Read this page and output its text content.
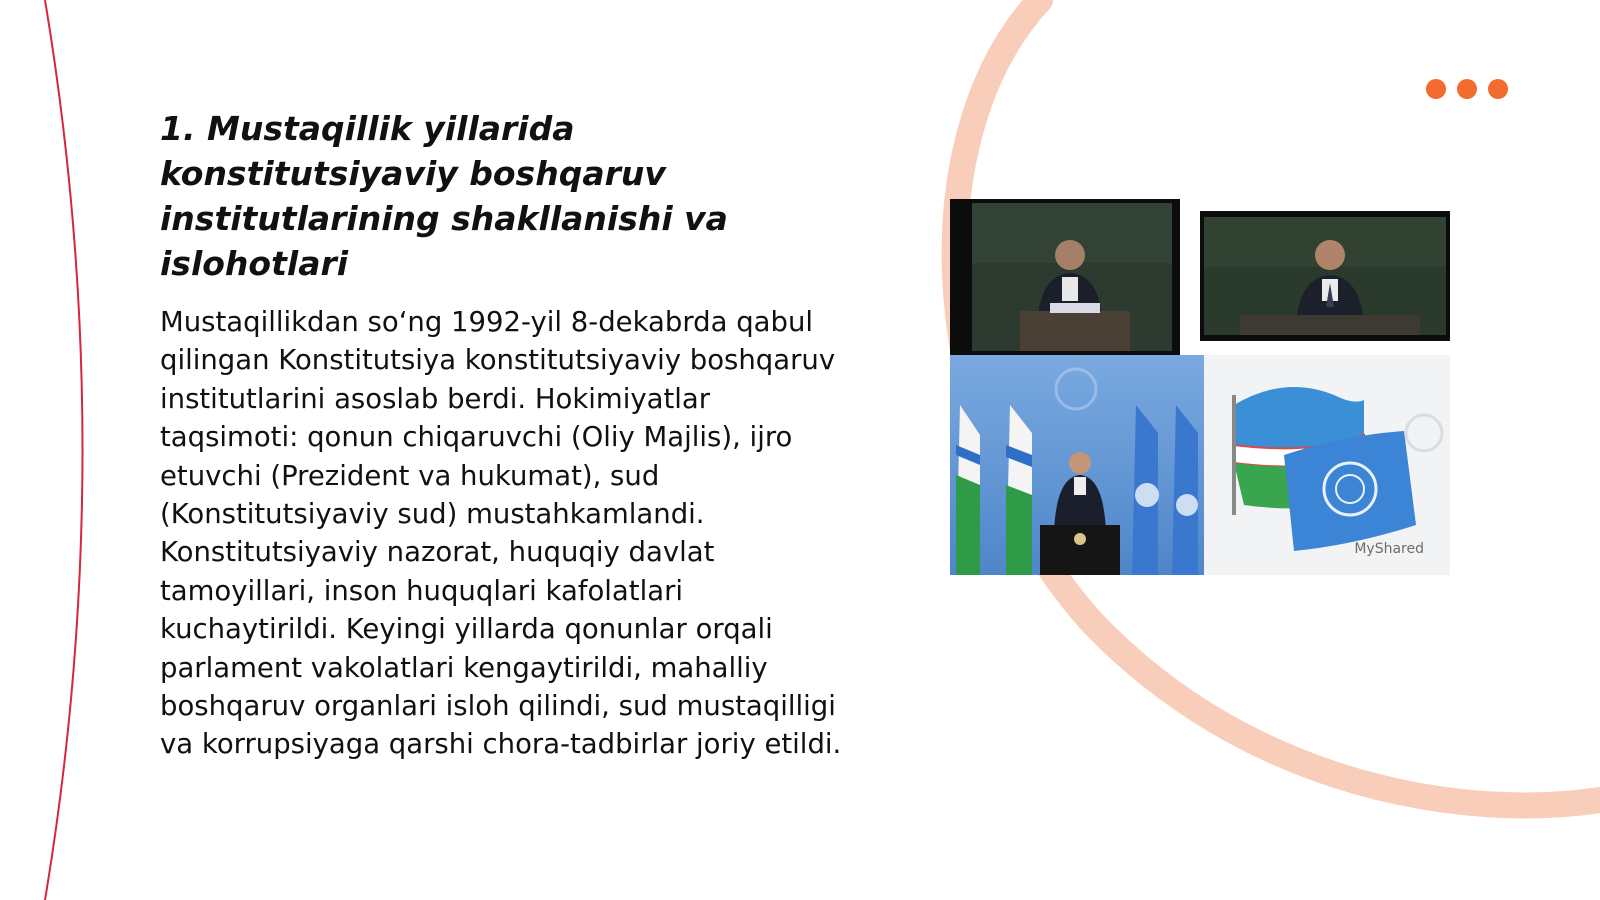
1. Mustaqillik yillarida konstitutsiyaviy boshqaruv institutlarining shakllanishi va islohotlari

Mustaqillikdan so‘ng 1992-yil 8-dekabrda qabul qilingan Konstitutsiya konstitutsiyaviy boshqaruv institutlarini asoslab berdi. Hokimiyatlar taqsimoti: qonun chiqaruvchi (Oliy Majlis), ijro etuvchi (Prezident va hukumat), sud (Konstitutsiyaviy sud) mustahkamlandi. Konstitutsiyaviy nazorat, huquqiy davlat tamoyillari, inson huquqlari kafolatlari kuchaytirildi. Keyingi yillarda qonunlar orqali parlament vakolatlari kengaytirildi, mahalliy boshqaruv organlari isloh qilindi, sud mustaqilligi va korrupsiyaga qarshi chora-tadbirlar joriy etildi.

MyShared
